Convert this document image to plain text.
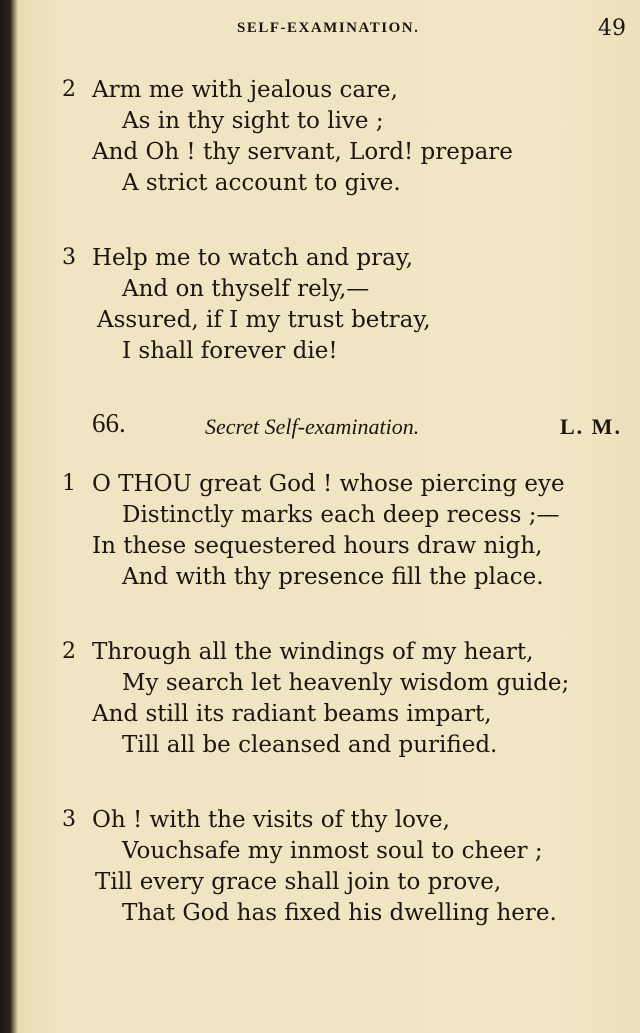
SELF-EXAMINATION.	49
2 Arm me with jealous care,
As in thy sight to live ;
And Oh ! thy servant, Lord! prepare
A strict account to give.
3 Help me to watch and pray,
And on thyself rely,—
Assured, if I my trust betray,
I shall forever die!
66.	Secret Self-examination.	L. M.
1 O THOU great God ! whose piercing eye
Distinctly marks each deep recess ;—
In these sequestered hours draw nigh,
And with thy presence fill the place.
2 Through all the windings of my heart,
My search let heavenly wisdom guide;
And still its radiant beams impart,
Till all be cleansed and purified.
3 Oh ! with the visits of thy love,
Vouchsafe my inmost soul to cheer ;
Till every grace shall join to prove,
That God has fixed his dwelling here.
